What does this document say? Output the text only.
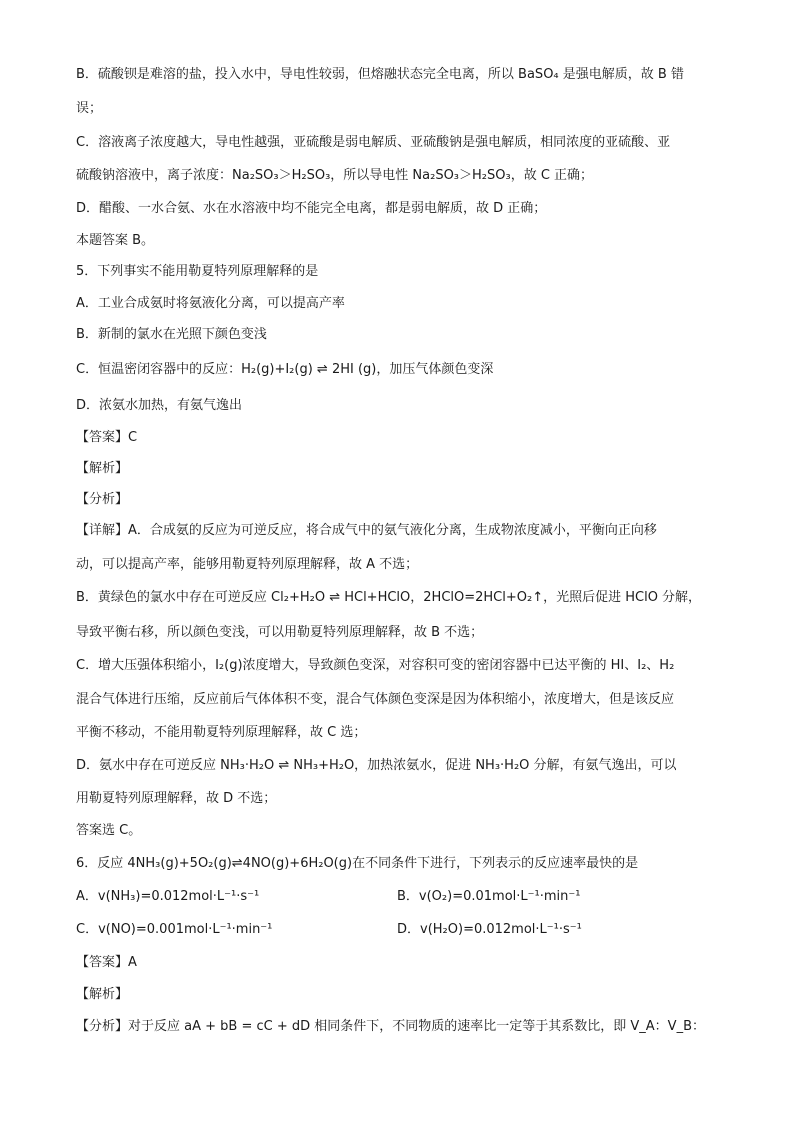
B．硫酸钡是难溶的盐，投入水中，导电性较弱，但熔融状态完全电离，所以 BaSO₄ 是强电解质，故 B 错
误；
C．溶液离子浓度越大，导电性越强，亚硫酸是弱电解质、亚硫酸钠是强电解质，相同浓度的亚硫酸、亚
硫酸钠溶液中，离子浓度：Na₂SO₃＞H₂SO₃，所以导电性 Na₂SO₃＞H₂SO₃，故 C 正确；
D．醋酸、一水合氨、水在水溶液中均不能完全电离，都是弱电解质，故 D 正确；
本题答案 B。
5．下列事实不能用勒夏特列原理解释的是
A．工业合成氨时将氨液化分离，可以提高产率
B．新制的氯水在光照下颜色变浅
C．恒温密闭容器中的反应：H₂(g)+I₂(g) ⇌ 2HI (g)，加压气体颜色变深
D．浓氨水加热，有氨气逸出
【答案】C
【解析】
【分析】
【详解】A．合成氨的反应为可逆反应，将合成气中的氨气液化分离，生成物浓度减小，平衡向正向移
动，可以提高产率，能够用勒夏特列原理解释，故 A 不选；
B．黄绿色的氯水中存在可逆反应 Cl₂+H₂O ⇌ HCl+HClO，2HClO=2HCl+O₂↑，光照后促进 HClO 分解，
导致平衡右移，所以颜色变浅，可以用勒夏特列原理解释，故 B 不选；
C．增大压强体积缩小，I₂(g)浓度增大，导致颜色变深，对容积可变的密闭容器中已达平衡的 HI、I₂、H₂
混合气体进行压缩，反应前后气体体积不变，混合气体颜色变深是因为体积缩小，浓度增大，但是该反应
平衡不移动，不能用勒夏特列原理解释，故 C 选；
D．氨水中存在可逆反应 NH₃·H₂O ⇌ NH₃+H₂O，加热浓氨水，促进 NH₃·H₂O 分解，有氨气逸出，可以
用勒夏特列原理解释，故 D 不选；
答案选 C。
6．反应 4NH₃(g)+5O₂(g)⇌4NO(g)+6H₂O(g)在不同条件下进行，下列表示的反应速率最快的是
A．v(NH₃)=0.012mol·L⁻¹·s⁻¹	B．v(O₂)=0.01mol·L⁻¹·min⁻¹
C．v(NO)=0.001mol·L⁻¹·min⁻¹	D．v(H₂O)=0.012mol·L⁻¹·s⁻¹
【答案】A
【解析】
【分析】对于反应 aA + bB = cC + dD 相同条件下，不同物质的速率比一定等于其系数比，即 V_A：V_B：
